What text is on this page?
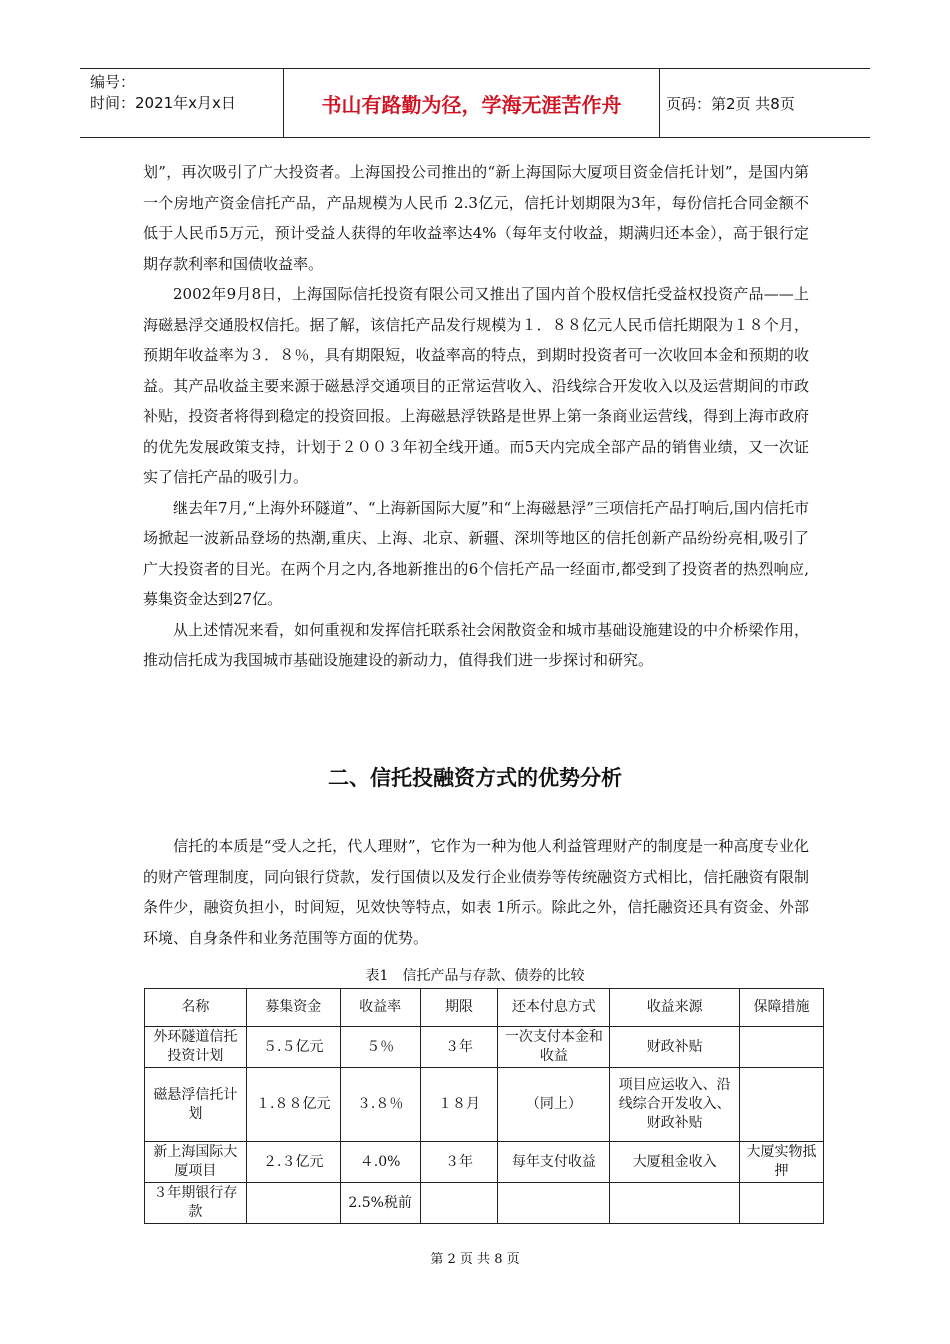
编号：
时间：2021年x月x日	书山有路勤为径，学海无涯苦作舟	页码：第2页 共8页

划”，再次吸引了广大投资者。上海国投公司推出的“新上海国际大厦项目资金信托计划”，是国内第一个房地产资金信托产品，产品规模为人民币 2.3亿元，信托计划期限为3年，每份信托合同金额不低于人民币5万元，预计受益人获得的年收益率达4%（每年支付收益，期满归还本金），高于银行定期存款利率和国债收益率。

2002年9月8日，上海国际信托投资有限公司又推出了国内首个股权信托受益权投资产品——上海磁悬浮交通股权信托。据了解，该信托产品发行规模为１．８８亿元人民币信托期限为１８个月，预期年收益率为３．８％，具有期限短，收益率高的特点，到期时投资者可一次收回本金和预期的收益。其产品收益主要来源于磁悬浮交通项目的正常运营收入、沿线综合开发收入以及运营期间的市政补贴，投资者将得到稳定的投资回报。上海磁悬浮铁路是世界上第一条商业运营线，得到上海市政府的优先发展政策支持，计划于２００３年初全线开通。而5天内完成全部产品的销售业绩，又一次证实了信托产品的吸引力。

继去年7月,“上海外环隧道”、“上海新国际大厦”和“上海磁悬浮”三项信托产品打响后,国内信托市场掀起一波新品登场的热潮,重庆、上海、北京、新疆、深圳等地区的信托创新产品纷纷亮相,吸引了广大投资者的目光。在两个月之内,各地新推出的6个信托产品一经面市,都受到了投资者的热烈响应,募集资金达到27亿。

从上述情况来看，如何重视和发挥信托联系社会闲散资金和城市基础设施建设的中介桥梁作用，推动信托成为我国城市基础设施建设的新动力，值得我们进一步探讨和研究。

二、信托投融资方式的优势分析

信托的本质是“受人之托，代人理财”，它作为一种为他人利益管理财产的制度是一种高度专业化的财产管理制度，同向银行贷款，发行国债以及发行企业债券等传统融资方式相比，信托融资有限制条件少，融资负担小，时间短，见效快等特点，如表 1所示。除此之外，信托融资还具有资金、外部环境、自身条件和业务范围等方面的优势。

表1　信托产品与存款、债券的比较
名称	募集资金	收益率	期限	还本付息方式	收益来源	保障措施
外环隧道信托投资计划	５.５亿元	５％	３年	一次支付本金和收益	财政补贴	
磁悬浮信托计划	１.８８亿元	３.８％	１８月	（同上）	项目应运收入、沿线综合开发收入、财政补贴	
新上海国际大厦项目	２.３亿元	４.0%	３年	每年支付收益	大厦租金收入	大厦实物抵押
３年期银行存款		2.5%税前				
第 2 页 共 8 页
